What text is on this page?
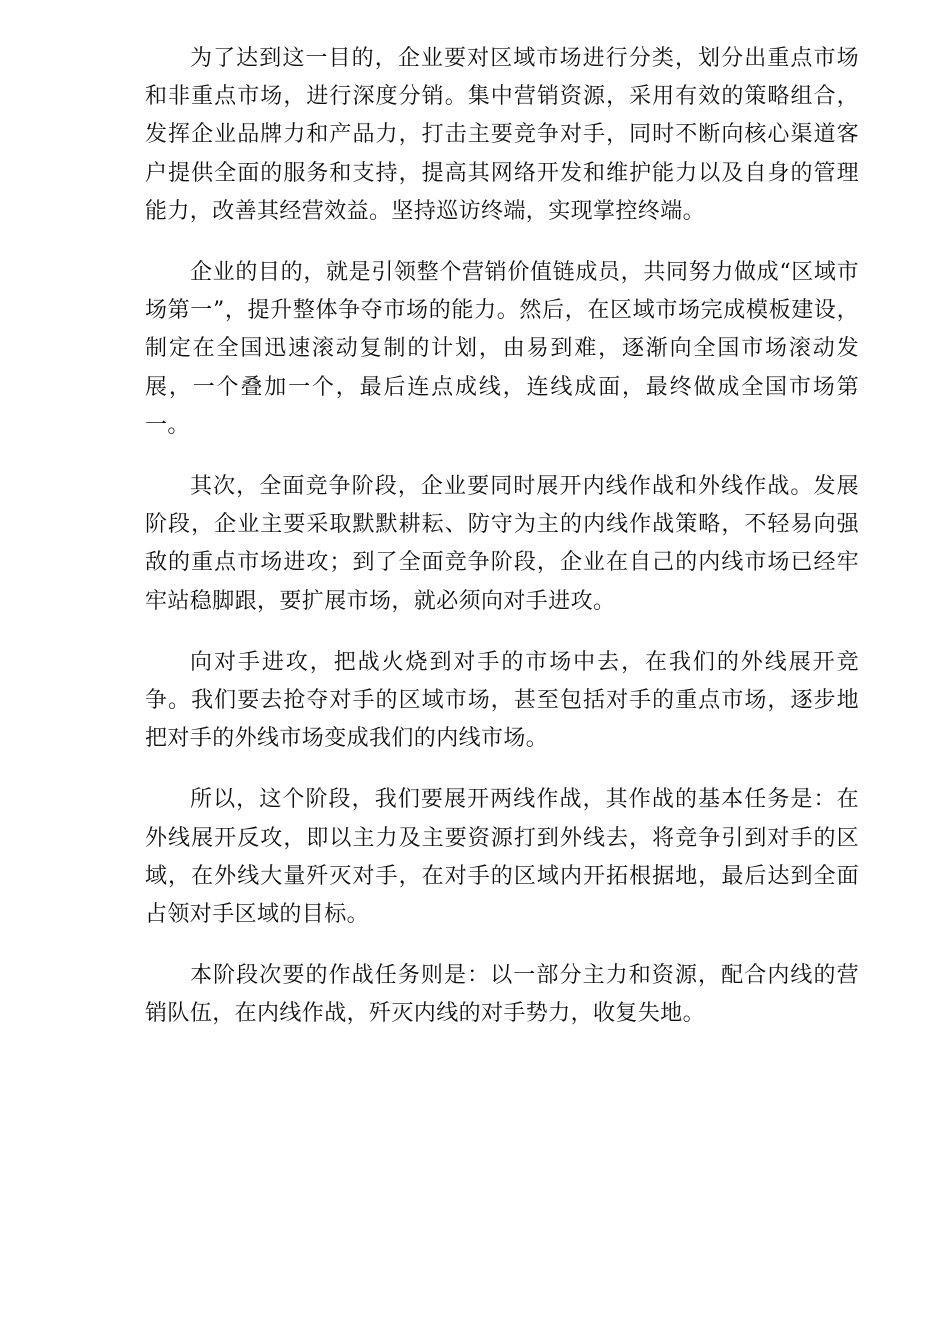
为了达到这一目的，企业要对区域市场进行分类，划分出重点市场和非重点市场，进行深度分销。集中营销资源，采用有效的策略组合，发挥企业品牌力和产品力，打击主要竞争对手，同时不断向核心渠道客户提供全面的服务和支持，提高其网络开发和维护能力以及自身的管理能力，改善其经营效益。坚持巡访终端，实现掌控终端。

企业的目的，就是引领整个营销价值链成员，共同努力做成“区域市场第一”，提升整体争夺市场的能力。然后，在区域市场完成模板建设，制定在全国迅速滚动复制的计划，由易到难，逐渐向全国市场滚动发展，一个叠加一个，最后连点成线，连线成面，最终做成全国市场第一。

其次，全面竞争阶段，企业要同时展开内线作战和外线作战。发展阶段，企业主要采取默默耕耘、防守为主的内线作战策略，不轻易向强敌的重点市场进攻；到了全面竞争阶段，企业在自己的内线市场已经牢牢站稳脚跟，要扩展市场，就必须向对手进攻。

向对手进攻，把战火烧到对手的市场中去，在我们的外线展开竞争。我们要去抢夺对手的区域市场，甚至包括对手的重点市场，逐步地把对手的外线市场变成我们的内线市场。

所以，这个阶段，我们要展开两线作战，其作战的基本任务是：在外线展开反攻，即以主力及主要资源打到外线去，将竞争引到对手的区域，在外线大量歼灭对手，在对手的区域内开拓根据地，最后达到全面占领对手区域的目标。

本阶段次要的作战任务则是：以一部分主力和资源，配合内线的营销队伍，在内线作战，歼灭内线的对手势力，收复失地。
